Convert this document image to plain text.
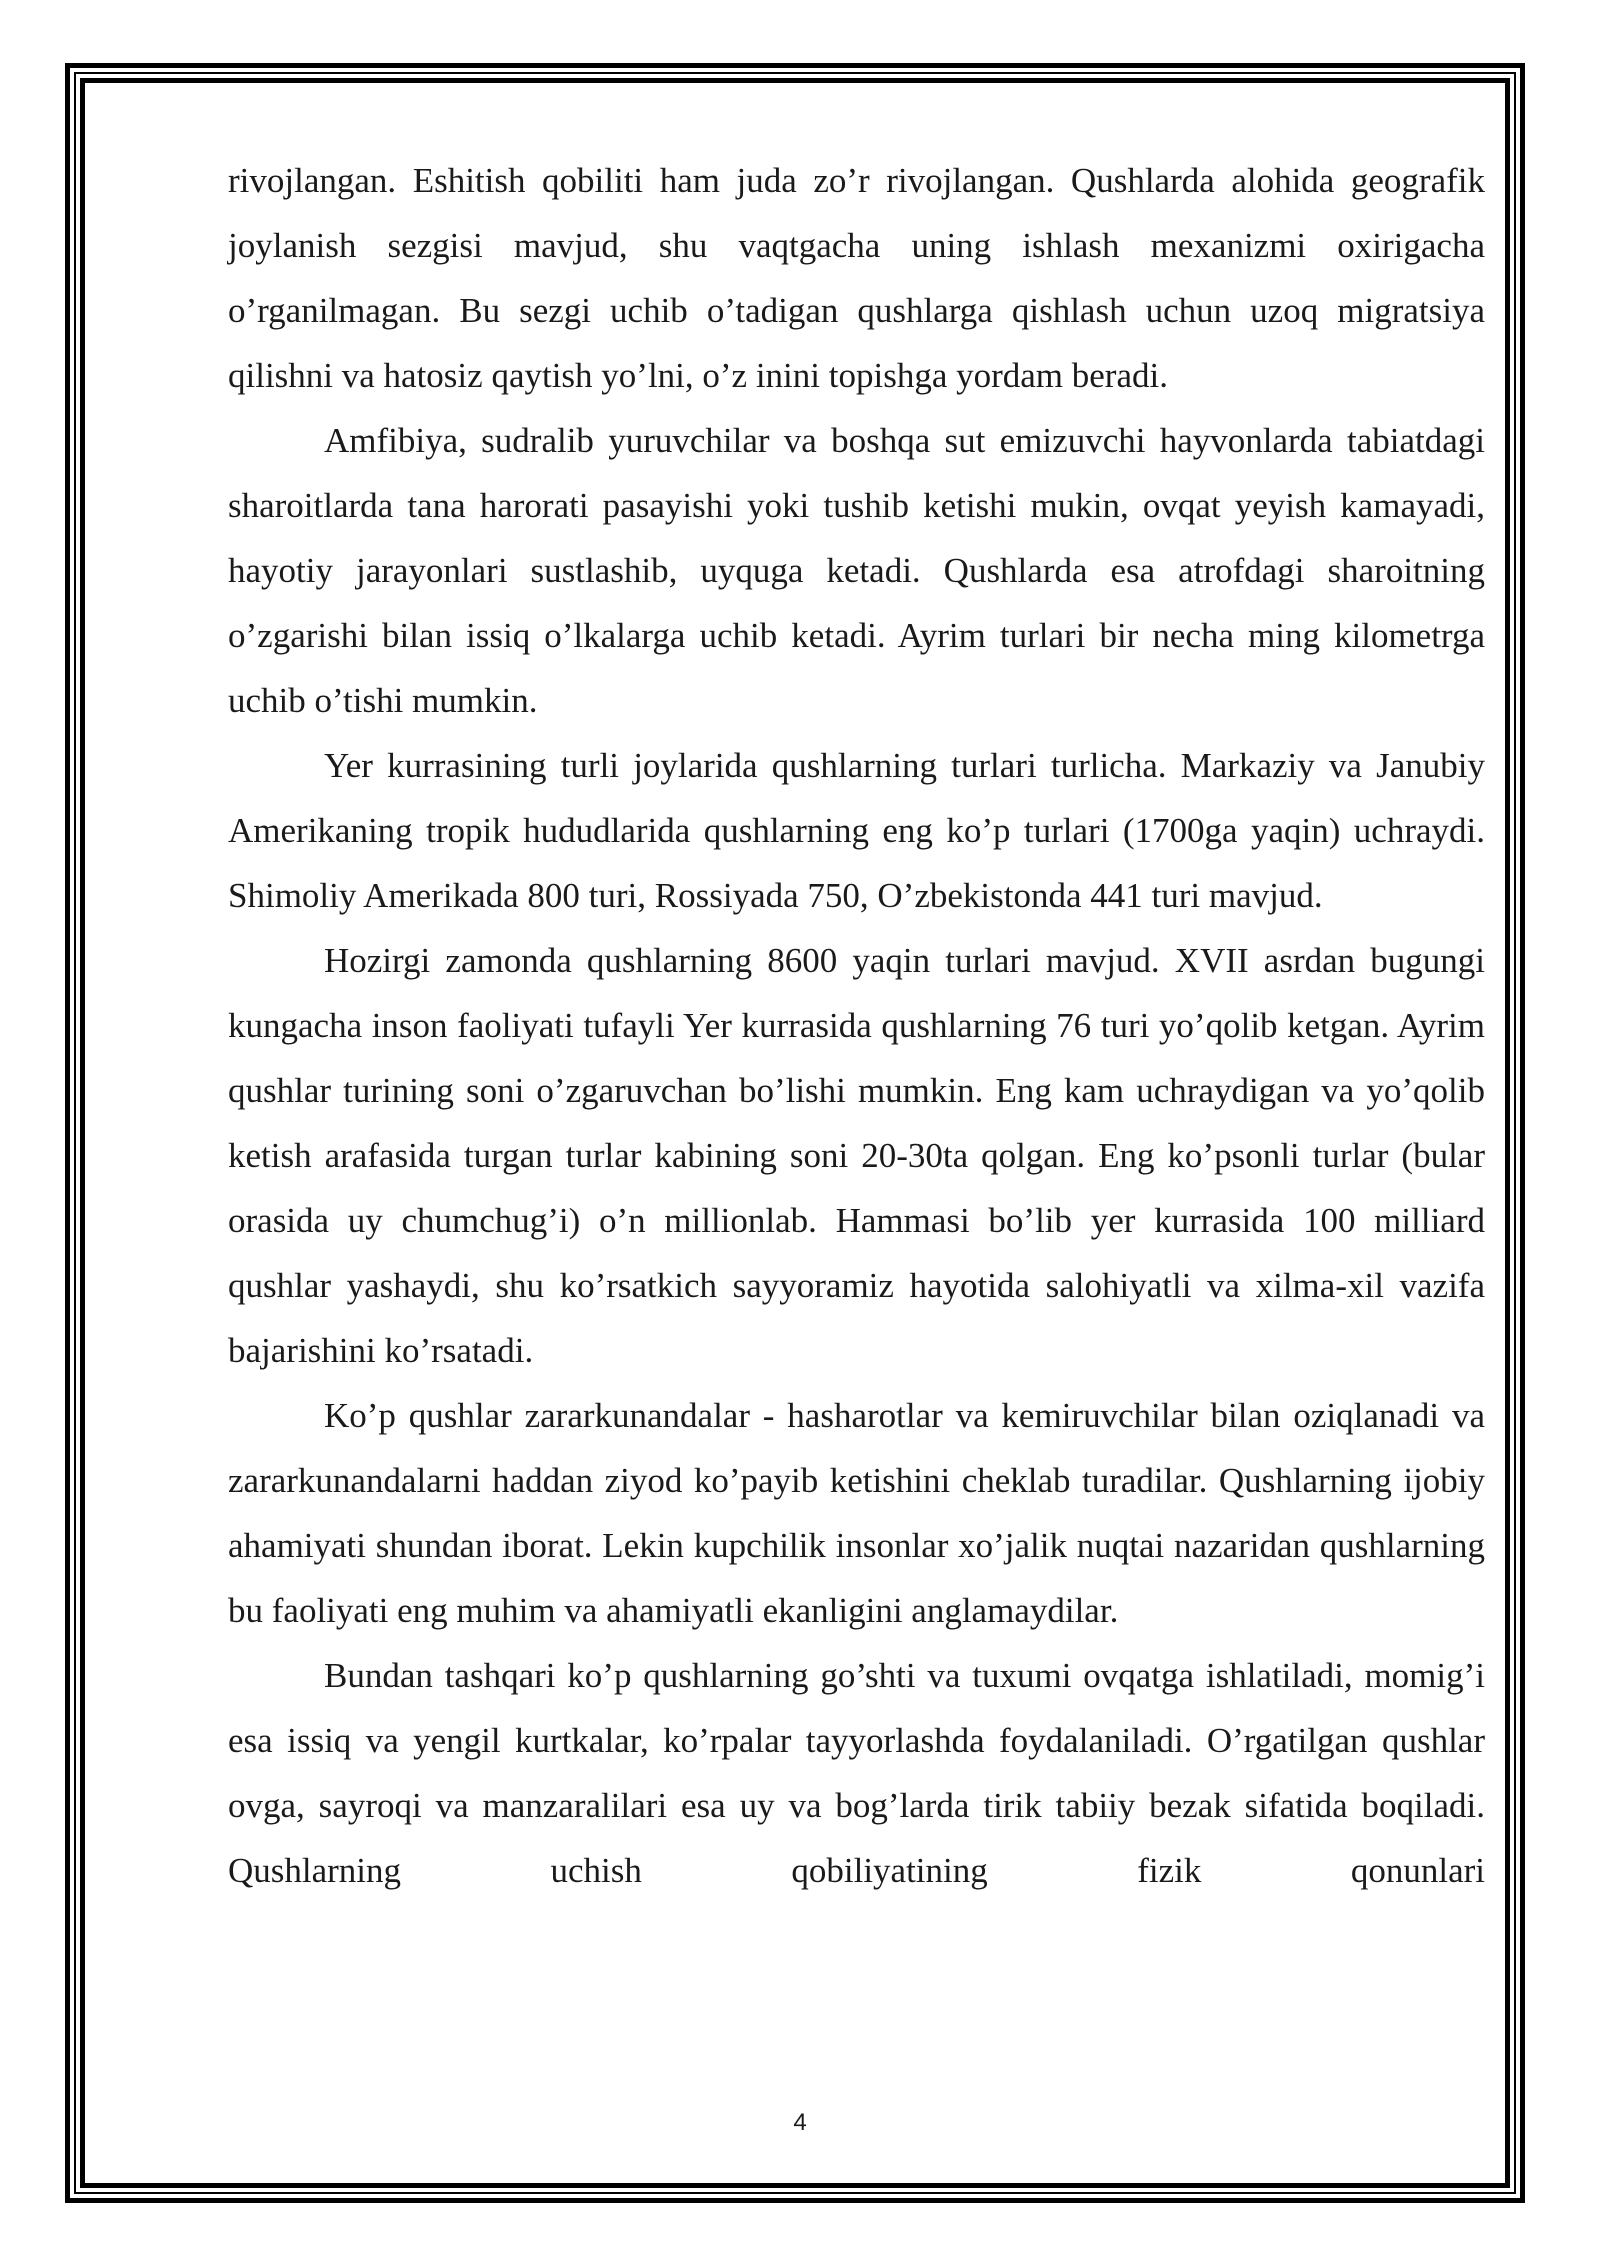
rivojlangan. Eshitish qobiliti ham juda zo’r rivojlangan. Qushlarda alohida geografik joylanish sezgisi mavjud, shu vaqtgacha uning ishlash mexanizmi oxirigacha o’rganilmagan. Bu sezgi uchib o’tadigan qushlarga qishlash uchun uzoq migratsiya qilishni va hatosiz qaytish yo’lni, o’z inini topishga yordam beradi.

Amfibiya, sudralib yuruvchilar va boshqa sut emizuvchi hayvonlarda tabiatdagi sharoitlarda tana harorati pasayishi yoki tushib ketishi mukin, ovqat yeyish kamayadi, hayotiy jarayonlari sustlashib, uyquga ketadi. Qushlarda esa atrofdagi sharoitning o’zgarishi bilan issiq o’lkalarga uchib ketadi. Ayrim turlari bir necha ming kilometrga uchib o’tishi mumkin.

Yer kurrasining turli joylarida qushlarning turlari turlicha. Markaziy va Janubiy Amerikaning tropik hududlarida qushlarning eng ko’p turlari (1700ga yaqin) uchraydi. Shimoliy Amerikada 800 turi, Rossiyada 750, O’zbekistonda 441 turi mavjud.

Hozirgi zamonda qushlarning 8600 yaqin turlari mavjud. XVII asrdan bugungi kungacha inson faoliyati tufayli Yer kurrasida qushlarning 76 turi yo’qolib ketgan. Ayrim qushlar turining soni o’zgaruvchan bo’lishi mumkin. Eng kam uchraydigan va yo’qolib ketish arafasida turgan turlar kabining soni 20-30ta qolgan. Eng ko’psonli turlar (bular orasida uy chumchug’i) o’n millionlab. Hammasi bo’lib yer kurrasida 100 milliard qushlar yashaydi, shu ko’rsatkich sayyoramiz hayotida salohiyatli va xilma-xil vazifa bajarishini ko’rsatadi.

Ko’p qushlar zararkunandalar - hasharotlar va kemiruvchilar bilan oziqlanadi va zararkunandalarni haddan ziyod ko’payib ketishini cheklab turadilar. Qushlarning ijobiy ahamiyati shundan iborat. Lekin kupchilik insonlar xo’jalik nuqtai nazaridan qushlarning bu faoliyati eng muhim va ahamiyatli ekanligini anglamaydilar.

Bundan tashqari ko’p qushlarning go’shti va tuxumi ovqatga ishlatiladi, momig’i esa issiq va yengil kurtkalar, ko’rpalar tayyorlashda foydalaniladi. O’rgatilgan qushlar ovga, sayroqi va manzaralilari esa uy va bog’larda tirik tabiiy bezak sifatida boqiladi. Qushlarning uchish qobiliyatining fizik qonunlari

4
